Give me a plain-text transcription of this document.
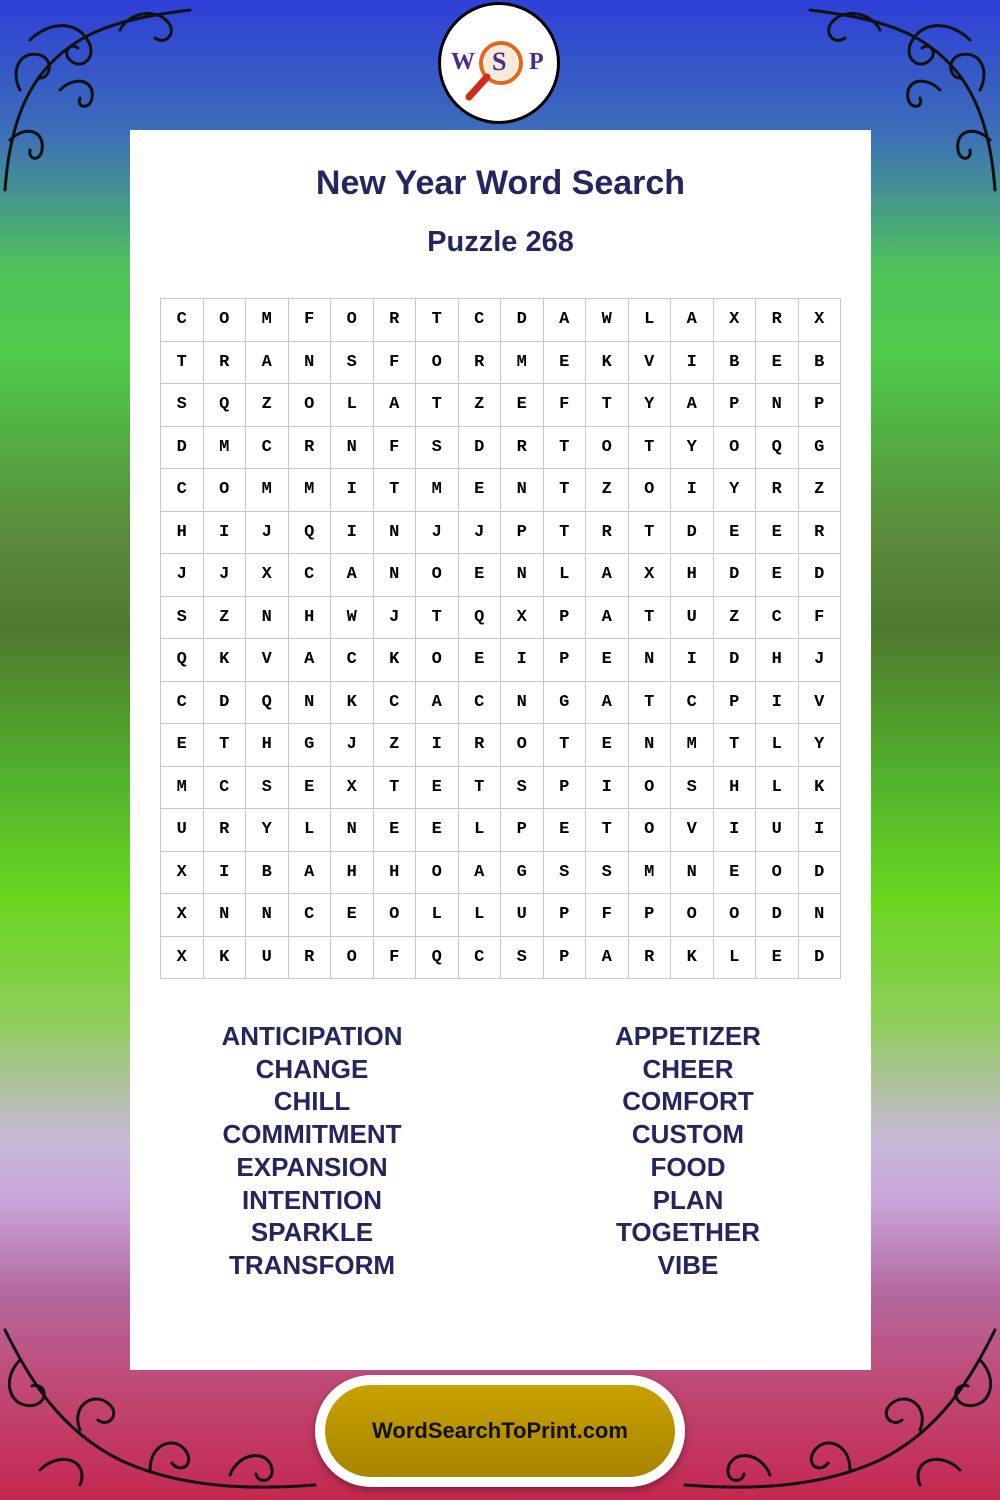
W S P
New Year Word Search
Puzzle 268
C	O	M	F	O	R	T	C	D	A	W	L	A	X	R	X
T	R	A	N	S	F	O	R	M	E	K	V	I	B	E	B
S	Q	Z	O	L	A	T	Z	E	F	T	Y	A	P	N	P
D	M	C	R	N	F	S	D	R	T	O	T	Y	O	Q	G
C	O	M	M	I	T	M	E	N	T	Z	O	I	Y	R	Z
H	I	J	Q	I	N	J	J	P	T	R	T	D	E	E	R
J	J	X	C	A	N	O	E	N	L	A	X	H	D	E	D
S	Z	N	H	W	J	T	Q	X	P	A	T	U	Z	C	F
Q	K	V	A	C	K	O	E	I	P	E	N	I	D	H	J
C	D	Q	N	K	C	A	C	N	G	A	T	C	P	I	V
E	T	H	G	J	Z	I	R	O	T	E	N	M	T	L	Y
M	C	S	E	X	T	E	T	S	P	I	O	S	H	L	K
U	R	Y	L	N	E	E	L	P	E	T	O	V	I	U	I
X	I	B	A	H	H	O	A	G	S	S	M	N	E	O	D
X	N	N	C	E	O	L	L	U	P	F	P	O	O	D	N
X	K	U	R	O	F	Q	C	S	P	A	R	K	L	E	D
ANTICIPATION
CHANGE
CHILL
COMMITMENT
EXPANSION
INTENTION
SPARKLE
TRANSFORM
APPETIZER
CHEER
COMFORT
CUSTOM
FOOD
PLAN
TOGETHER
VIBE
WordSearchToPrint.com
